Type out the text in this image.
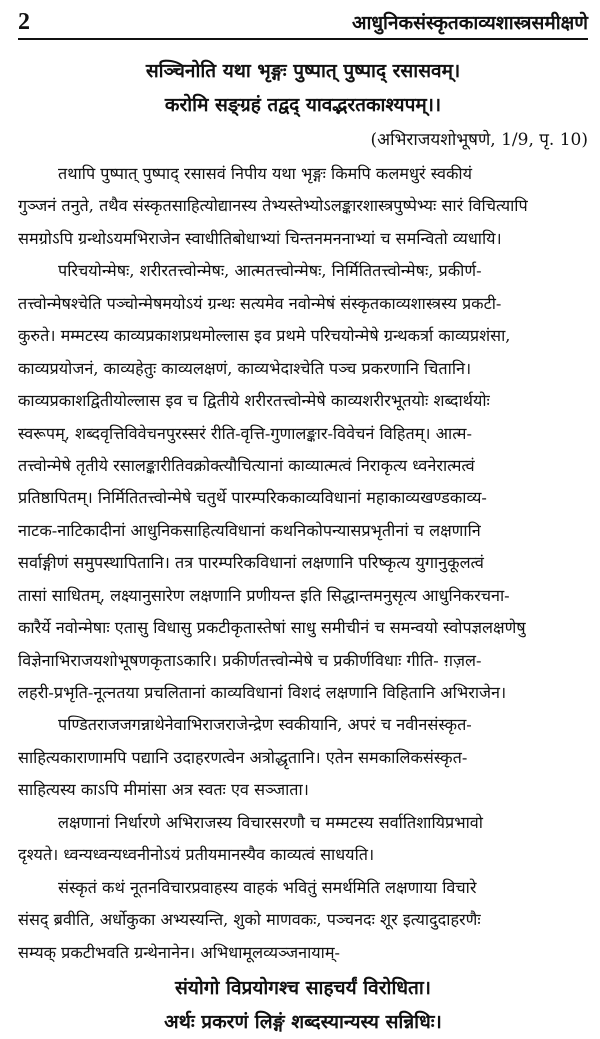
2	आधुनिकसंस्कृतकाव्यशास्त्रसमीक्षणे
सञ्चिनोति यथा भृङ्गः पुष्पात् पुष्पाद् रसासवम्।
करोमि सङ्ग्रहं तद्वद् यावद्भरतकाश्यपम्।।
(अभिराजयशोभूषणे, 1/9, पृ. 10)
तथापि पुष्पात् पुष्पाद् रसासवं निपीय यथा भृङ्गः किमपि कलमधुरं स्वकीयं
गुञ्जनं तनुते, तथैव संस्कृतसाहित्योद्यानस्य तेभ्यस्तेभ्योऽलङ्कारशास्त्रपुष्पेभ्यः सारं विचित्यापि
समग्रोऽपि ग्रन्थोऽयमभिराजेन स्वाधीतिबोधाभ्यां चिन्तनमननाभ्यां च समन्वितो व्यधायि।
परिचयोन्मेषः, शरीरतत्त्वोन्मेषः, आत्मतत्त्वोन्मेषः, निर्मितितत्त्वोन्मेषः, प्रकीर्ण-
तत्त्वोन्मेषश्चेति पञ्चोन्मेषमयोऽयं ग्रन्थः सत्यमेव नवोन्मेषं संस्कृतकाव्यशास्त्रस्य प्रकटी-
कुरुते। मम्मटस्य काव्यप्रकाशप्रथमोल्लास इव प्रथमे परिचयोन्मेषे ग्रन्थकर्त्रा काव्यप्रशंसा,
काव्यप्रयोजनं, काव्यहेतुः काव्यलक्षणं, काव्यभेदाश्चेति पञ्च प्रकरणानि चितानि।
काव्यप्रकाशद्वितीयोल्लास इव च द्वितीये शरीरतत्त्वोन्मेषे काव्यशरीरभूतयोः शब्दार्थयोः
स्वरूपम्, शब्दवृत्तिविवेचनपुरस्सरं रीति-वृत्ति-गुणालङ्कार-विवेचनं विहितम्। आत्म-
तत्त्वोन्मेषे तृतीये रसालङ्कारीतिवक्रोक्त्यौचित्यानां काव्यात्मत्वं निराकृत्य ध्वनेरात्मत्वं
प्रतिष्ठापितम्। निर्मितितत्त्वोन्मेषे चतुर्थे पारम्परिककाव्यविधानां महाकाव्यखण्डकाव्य-
नाटक-नाटिकादीनां आधुनिकसाहित्यविधानां कथनिकोपन्यासप्रभृतीनां च लक्षणानि
सर्वाङ्गीणं समुपस्थापितानि। तत्र पारम्परिकविधानां लक्षणानि परिष्कृत्य युगानुकूलत्वं
तासां साधितम्, लक्ष्यानुसारेण लक्षणानि प्रणीयन्त इति सिद्धान्तमनुसृत्य आधुनिकरचना-
कारैर्ये नवोन्मेषाः एतासु विधासु प्रकटीकृतास्तेषां साधु समीचीनं च समन्वयो स्वोपज्ञलक्षणेषु
विज्ञेनाभिराजयशोभूषणकृताऽकारि। प्रकीर्णतत्त्वोन्मेषे च प्रकीर्णविधाः गीति- ग़ज़ल-
लहरी-प्रभृति-नूत्नतया प्रचलितानां काव्यविधानां विशदं लक्षणानि विहितानि अभिराजेन।
पण्डितराजजगन्नाथेनेवाभिराजराजेन्द्रेण स्वकीयानि, अपरं च नवीनसंस्कृत-
साहित्यकाराणामपि पद्यानि उदाहरणत्वेन अत्रोद्धृतानि। एतेन समकालिकसंस्कृत-
साहित्यस्य काऽपि मीमांसा अत्र स्वतः एव सञ्जाता।
लक्षणानां निर्धारणे अभिराजस्य विचारसरणौ च मम्मटस्य सर्वातिशायिप्रभावो
दृश्यते। ध्वन्यध्वन्यध्वनीनोऽयं प्रतीयमानस्यैव काव्यत्वं साधयति।
संस्कृतं कथं नूतनविचारप्रवाहस्य वाहकं भवितुं समर्थमिति लक्षणाया विचारे
संसद् ब्रवीति, अर्धोकुका अभ्यस्यन्ति, शुको माणवकः, पञ्चनदः शूर इत्यादुदाहरणैः
सम्यक् प्रकटीभवति ग्रन्थेनानेन। अभिधामूलव्यञ्जनायाम्-
संयोगो विप्रयोगश्च साहचर्यं विरोधिता।
अर्थः प्रकरणं लिङ्गं शब्दस्यान्यस्य सन्निधिः।
